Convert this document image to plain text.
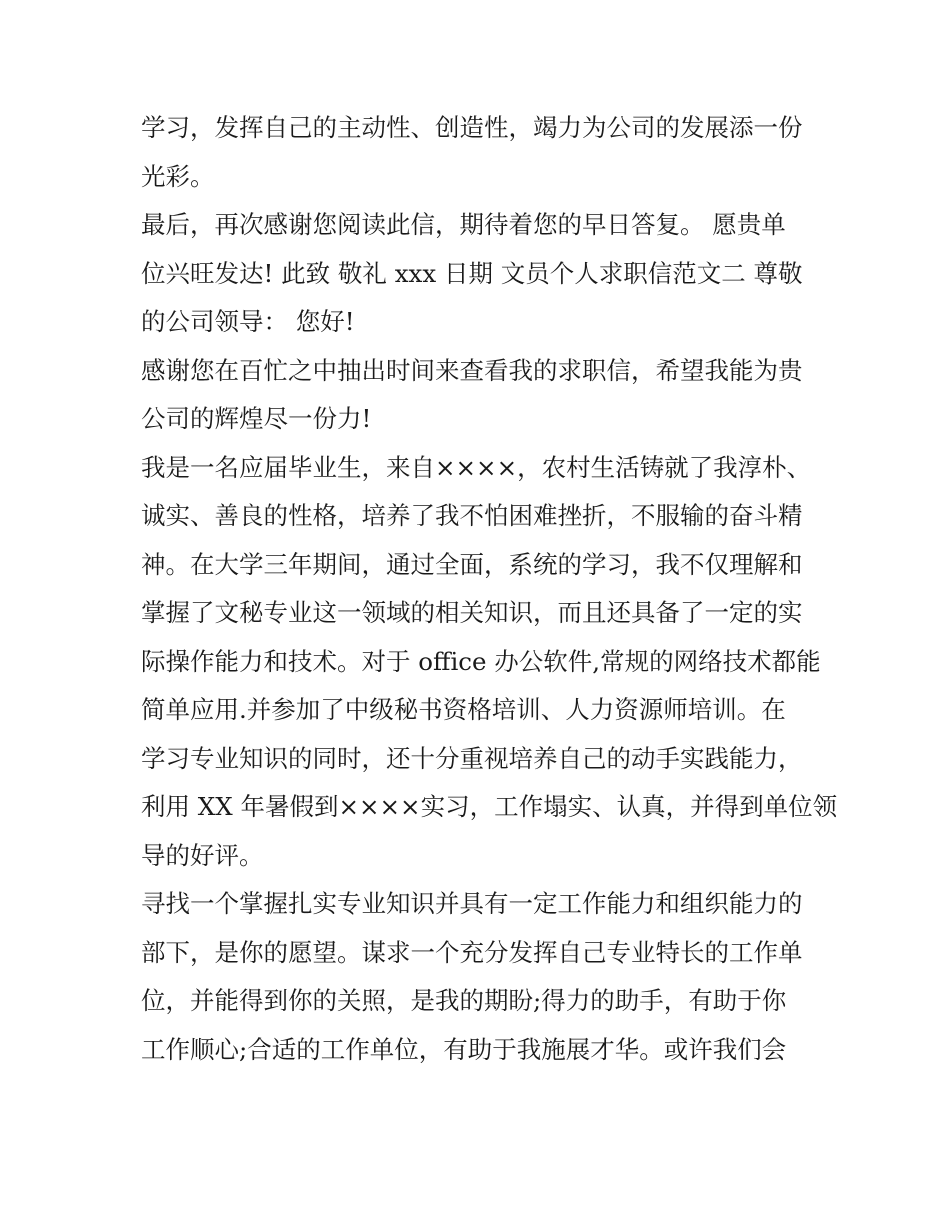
学习，发挥自己的主动性、创造性，竭力为公司的发展添一份
光彩。
最后，再次感谢您阅读此信，期待着您的早日答复。 愿贵单
位兴旺发达! 此致 敬礼 xxx 日期 文员个人求职信范文二 尊敬
的公司领导： 您好!
感谢您在百忙之中抽出时间来查看我的求职信，希望我能为贵
公司的辉煌尽一份力!
我是一名应届毕业生，来自××××，农村生活铸就了我淳朴、
诚实、善良的性格，培养了我不怕困难挫折，不服输的奋斗精
神。在大学三年期间，通过全面，系统的学习，我不仅理解和
掌握了文秘专业这一领域的相关知识，而且还具备了一定的实
际操作能力和技术。对于 office 办公软件,常规的网络技术都能
简单应用.并参加了中级秘书资格培训、人力资源师培训。在
学习专业知识的同时，还十分重视培养自己的动手实践能力，
利用 XX 年暑假到××××实习，工作塌实、认真，并得到单位领
导的好评。
寻找一个掌握扎实专业知识并具有一定工作能力和组织能力的
部下，是你的愿望。谋求一个充分发挥自己专业特长的工作单
位，并能得到你的关照，是我的期盼;得力的助手，有助于你
工作顺心;合适的工作单位，有助于我施展才华。或许我们会
